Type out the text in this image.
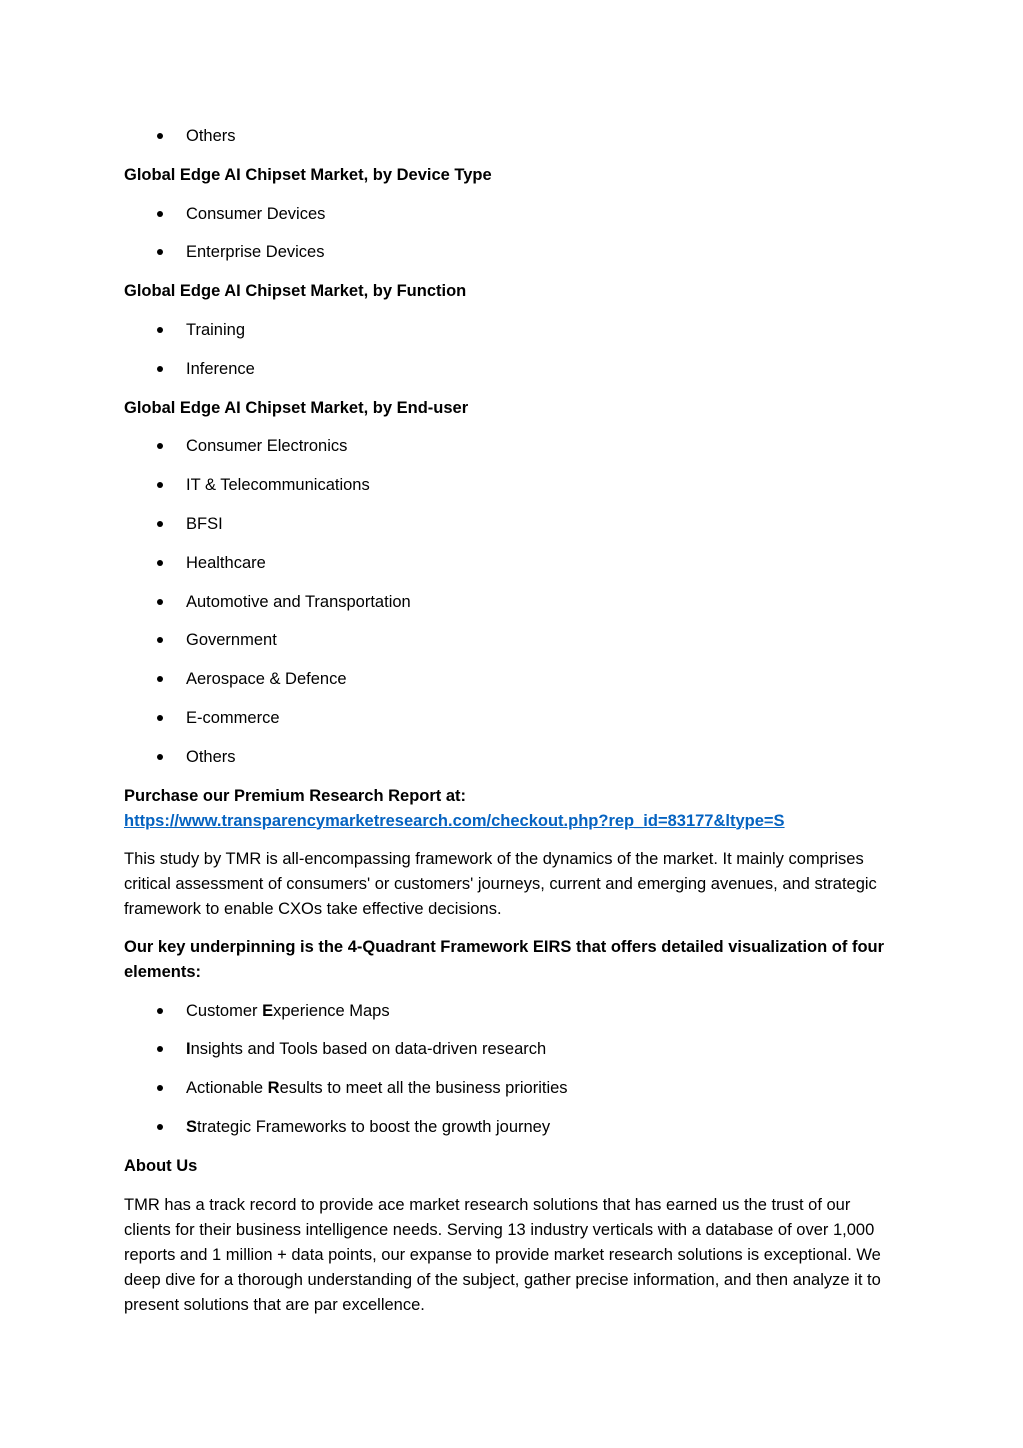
Others
Global Edge AI Chipset Market, by Device Type
Consumer Devices
Enterprise Devices
Global Edge AI Chipset Market, by Function
Training
Inference
Global Edge AI Chipset Market, by End-user
Consumer Electronics
IT & Telecommunications
BFSI
Healthcare
Automotive and Transportation
Government
Aerospace & Defence
E-commerce
Others
Purchase our Premium Research Report at:
https://www.transparencymarketresearch.com/checkout.php?rep_id=83177&ltype=S

This study by TMR is all-encompassing framework of the dynamics of the market. It mainly comprises critical assessment of consumers' or customers' journeys, current and emerging avenues, and strategic framework to enable CXOs take effective decisions.

Our key underpinning is the 4-Quadrant Framework EIRS that offers detailed visualization of four elements:

Customer Experience Maps
Insights and Tools based on data-driven research
Actionable Results to meet all the business priorities
Strategic Frameworks to boost the growth journey
About Us

TMR has a track record to provide ace market research solutions that has earned us the trust of our clients for their business intelligence needs. Serving 13 industry verticals with a database of over 1,000 reports and 1 million + data points, our expanse to provide market research solutions is exceptional. We deep dive for a thorough understanding of the subject, gather precise information, and then analyze it to present solutions that are par excellence.
